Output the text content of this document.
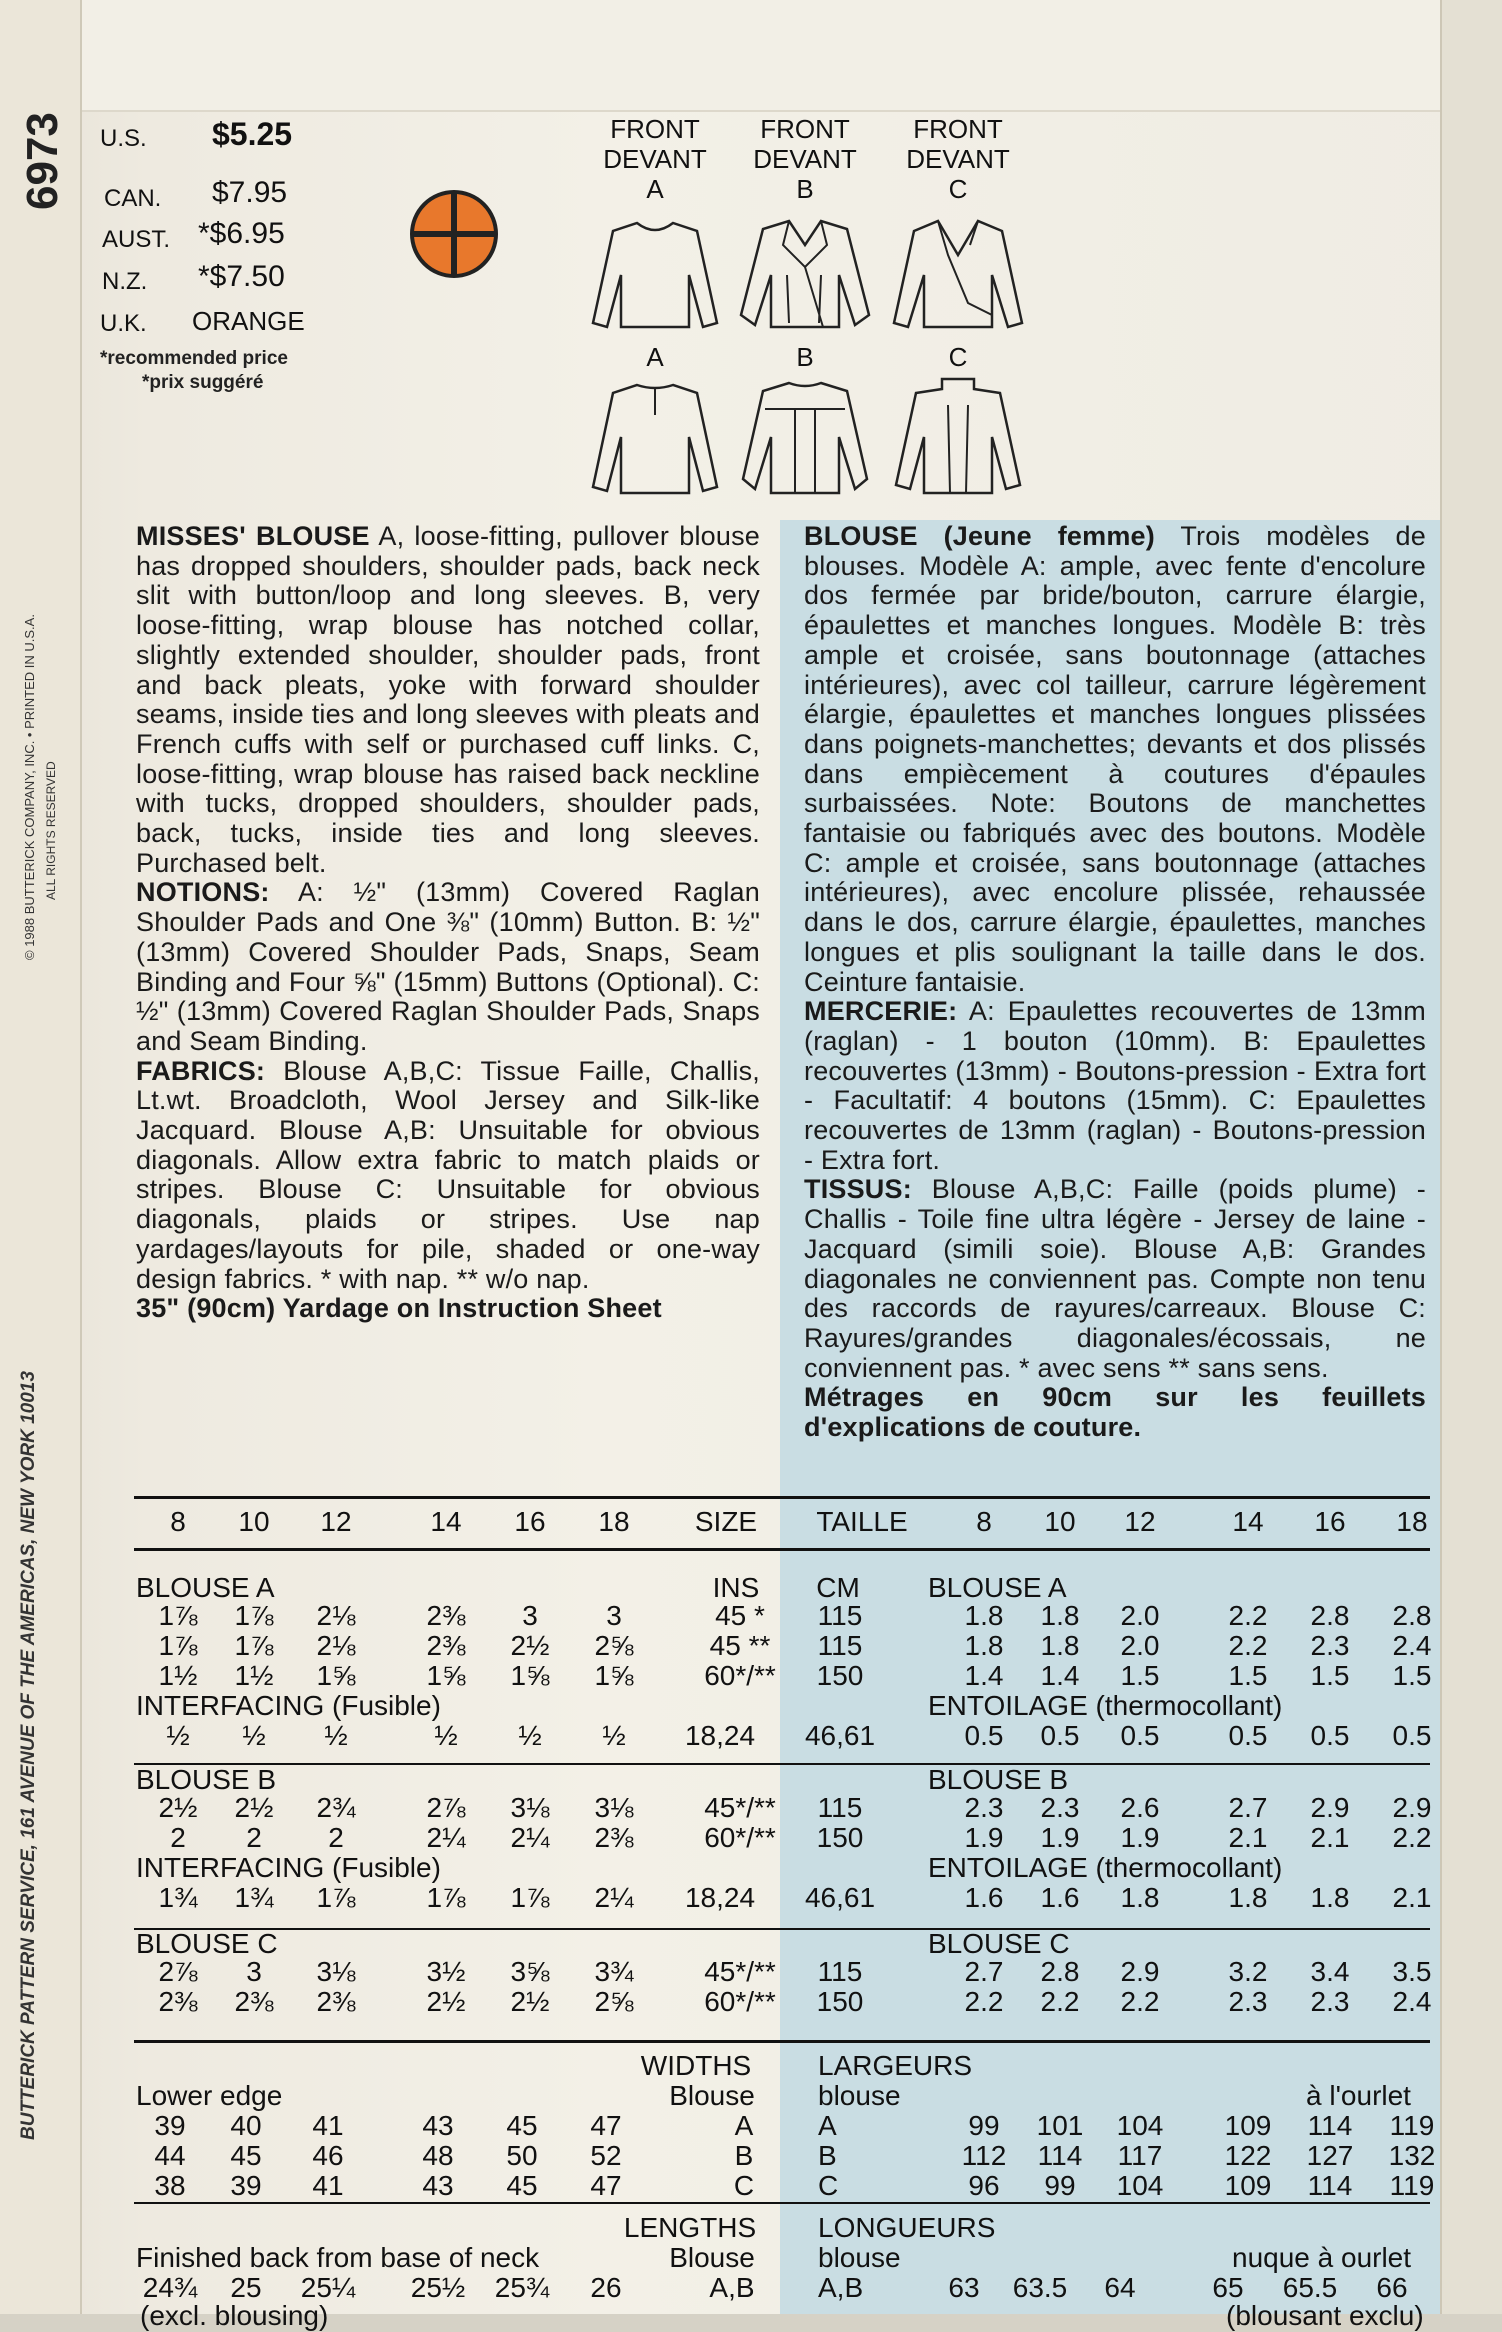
6973
© 1988 BUTTERICK COMPANY, INC. • PRINTED IN U.S.A. ALL RIGHTS RESERVED
BUTTERICK PATTERN SERVICE, 161 AVENUE OF THE AMERICAS, NEW YORK 10013
U.S. $5.25
CAN. $7.95
AUST. *$6.95
N.Z. *$7.50
U.K. ORANGE
*recommended price
*prix suggéré
FRONT
DEVANT
A
FRONT
DEVANT
B
FRONT
DEVANT
C
A	B	C
MISSES' BLOUSE A, loose-fitting, pullover blouse has dropped shoulders, shoulder pads, back neck slit with button/loop and long sleeves. B, very loose-fitting, wrap blouse has notched collar, slightly extended shoulder, shoulder pads, front and back pleats, yoke with forward shoulder seams, inside ties and long sleeves with pleats and French cuffs with self or purchased cuff links. C, loose-fitting, wrap blouse has raised back neckline with tucks, dropped shoulders, shoulder pads, back, tucks, inside ties and long sleeves. Purchased belt.
NOTIONS: A: ½" (13mm) Covered Raglan Shoulder Pads and One ⅜" (10mm) Button. B: ½" (13mm) Covered Shoulder Pads, Snaps, Seam Binding and Four ⅝" (15mm) Buttons (Optional). C: ½" (13mm) Covered Raglan Shoulder Pads, Snaps and Seam Binding.
FABRICS: Blouse A,B,C: Tissue Faille, Challis, Lt.wt. Broadcloth, Wool Jersey and Silk-like Jacquard. Blouse A,B: Unsuitable for obvious diagonals. Allow extra fabric to match plaids or stripes. Blouse C: Unsuitable for obvious diagonals, plaids or stripes. Use nap yardages/layouts for pile, shaded or one-way design fabrics. * with nap. ** w/o nap.
35" (90cm) Yardage on Instruction Sheet
BLOUSE (Jeune femme) Trois modèles de blouses. Modèle A: ample, avec fente d'encolure dos fermée par bride/bouton, carrure élargie, épaulettes et manches longues. Modèle B: très ample et croisée, sans boutonnage (attaches intérieures), avec col tailleur, carrure légèrement élargie, épaulettes et manches longues plissées dans poignets-manchettes; devants et dos plissés dans empiècement à coutures d'épaules surbaissées. Note: Boutons de manchettes fantaisie ou fabriqués avec des boutons. Modèle C: ample et croisée, sans boutonnage (attaches intérieures), avec encolure plissée, rehaussée dans le dos, carrure élargie, épaulettes, manches longues et plis soulignant la taille dans le dos. Ceinture fantaisie.
MERCERIE: A: Epaulettes recouvertes de 13mm (raglan) - 1 bouton (10mm). B: Epaulettes recouvertes (13mm) - Boutons-pression - Extra fort - Facultatif: 4 boutons (15mm). C: Epaulettes recouvertes de 13mm (raglan) - Boutons-pression - Extra fort.
TISSUS: Blouse A,B,C: Faille (poids plume) - Challis - Toile fine ultra légère - Jersey de laine - Jacquard (simili soie). Blouse A,B: Grandes diagonales ne conviennent pas. Compte non tenu des raccords de rayures/carreaux. Blouse C: Rayures/grandes diagonales/écossais, ne conviennent pas. * avec sens ** sans sens.
Métrages en 90cm sur les feuillets d'explications de couture.
8	10	12	14	16	18	SIZE	TAILLE	8	10	12	14	16	18
BLOUSE A	BLOUSE A
INS	CM
1⅞	1⅞	2⅛	2⅜	3	3	45 *	115	1.8	1.8	2.0	2.2	2.8	2.8
1⅞	1⅞	2⅛	2⅜	2½	2⅝	45 **	115	1.8	1.8	2.0	2.2	2.3	2.4
1½	1½	1⅝	1⅝	1⅝	1⅝	60*/**	150	1.4	1.4	1.5	1.5	1.5	1.5
INTERFACING (Fusible)	ENTOILAGE (thermocollant)
½	½	½	½	½	½	18,24	46,61	0.5	0.5	0.5	0.5	0.5	0.5
BLOUSE B	BLOUSE B
2½	2½	2¾	2⅞	3⅛	3⅛	45*/**	115	2.3	2.3	2.6	2.7	2.9	2.9
2	2	2	2¼	2¼	2⅜	60*/**	150	1.9	1.9	1.9	2.1	2.1	2.2
INTERFACING (Fusible)	ENTOILAGE (thermocollant)
1¾	1¾	1⅞	1⅞	1⅞	2¼	18,24	46,61	1.6	1.6	1.8	1.8	1.8	2.1
BLOUSE C	BLOUSE C
2⅞	3	3⅛	3½	3⅝	3¾	45*/**	115	2.7	2.8	2.9	3.2	3.4	3.5
2⅜	2⅜	2⅜	2½	2½	2⅝	60*/**	150	2.2	2.2	2.2	2.3	2.3	2.4
WIDTHS	LARGEURS
Lower edge	Blouse	blouse	à l'ourlet
39	40	41	43	45	47	A	A	99	101	104	109	114	119
44	45	46	48	50	52	B	B	112	114	117	122	127	132
38	39	41	43	45	47	C	C	96	99	104	109	114	119
LENGTHS	LONGUEURS
Finished back from base of neck	Blouse	blouse	nuque à ourlet
24¾	25	25¼ 25½ 25¾	26	A,B	A,B	63	63.5	64	65	65.5	66
(excl. blousing)	(blousant exclu)
